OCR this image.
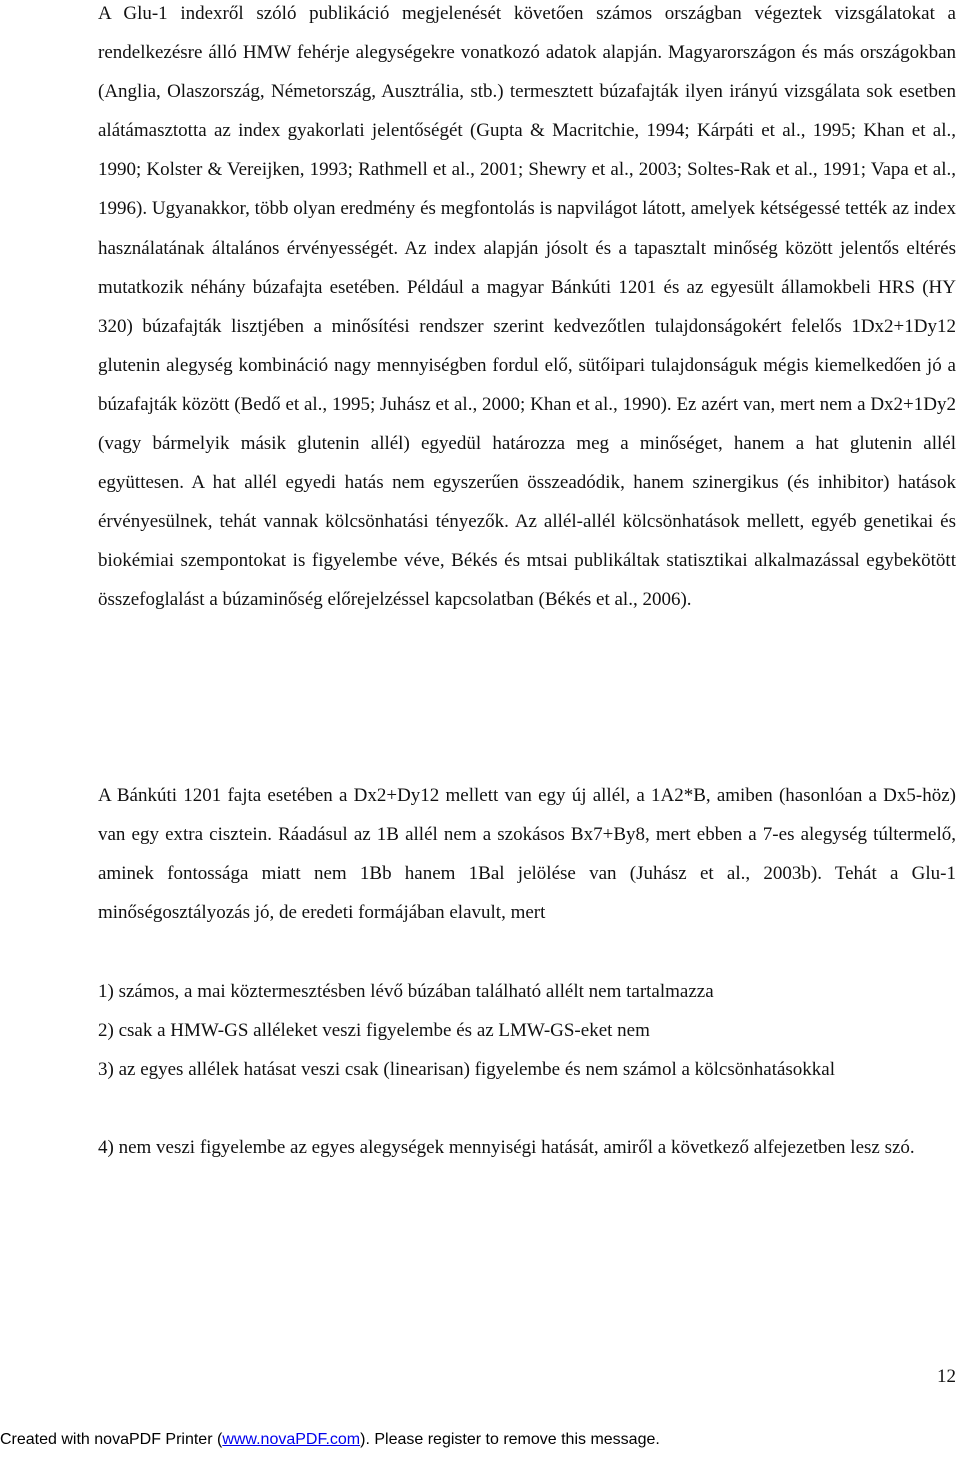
A Glu-1 indexről szóló publikáció megjelenését követően számos országban végeztek vizsgálatokat a rendelkezésre álló HMW fehérje alegységekre vonatkozó adatok alapján. Magyarországon és más országokban (Anglia, Olaszország, Németország, Ausztrália, stb.) termesztett búzafajták ilyen irányú vizsgálata sok esetben alátámasztotta az index gyakorlati jelentőségét (Gupta & Macritchie, 1994; Kárpáti et al., 1995; Khan et al., 1990; Kolster & Vereijken, 1993; Rathmell et al., 2001; Shewry et al., 2003; Soltes-Rak et al., 1991; Vapa et al., 1996). Ugyanakkor, több olyan eredmény és megfontolás is napvilágot látott, amelyek kétségessé tették az index használatának általános érvényességét. Az index alapján jósolt és a tapasztalt minőség között jelentős eltérés mutatkozik néhány búzafajta esetében. Például a magyar Bánkúti 1201 és az egyesült államokbeli HRS (HY 320) búzafajták lisztjében a minősítési rendszer szerint kedvezőtlen tulajdonságokért felelős 1Dx2+1Dy12 glutenin alegység kombináció nagy mennyiségben fordul elő, sütőipari tulajdonságuk mégis kiemelkedően jó a búzafajták között (Bedő et al., 1995; Juhász et al., 2000; Khan et al., 1990). Ez azért van, mert nem a Dx2+1Dy2 (vagy bármelyik másik glutenin allél) egyedül határozza meg a minőséget, hanem a hat glutenin allél együttesen. A hat allél egyedi hatás nem egyszerűen összeadódik, hanem szinergikus (és inhibitor) hatások érvényesülnek, tehát vannak kölcsönhatási tényezők. Az allél-allél kölcsönhatások mellett, egyéb genetikai és biokémiai szempontokat is figyelembe véve, Békés és mtsai publikáltak statisztikai alkalmazással egybekötött összefoglalást a búzaminőség előrejelzéssel kapcsolatban (Békés et al., 2006).

A Bánkúti 1201 fajta esetében a Dx2+Dy12 mellett van egy új allél, a 1A2*B, amiben (hasonlóan a Dx5-höz) van egy extra cisztein. Ráadásul az 1B allél nem a szokásos Bx7+By8, mert ebben a 7-es alegység túltermelő, aminek fontossága miatt nem 1Bb hanem 1Bal jelölése van (Juhász et al., 2003b). Tehát a Glu-1 minőségosztályozás jó, de eredeti formájában elavult, mert

1) számos, a mai köztermesztésben lévő búzában található allélt nem tartalmazza

2) csak a HMW-GS alléleket veszi figyelembe és az LMW-GS-eket nem

3) az egyes allélek hatásat veszi csak (linearisan) figyelembe és nem számol a kölcsönhatásokkal

4) nem veszi figyelembe az egyes alegységek mennyiségi hatását, amiről a következő alfejezetben lesz szó.

12
Created with novaPDF Printer (www.novaPDF.com). Please register to remove this message.
